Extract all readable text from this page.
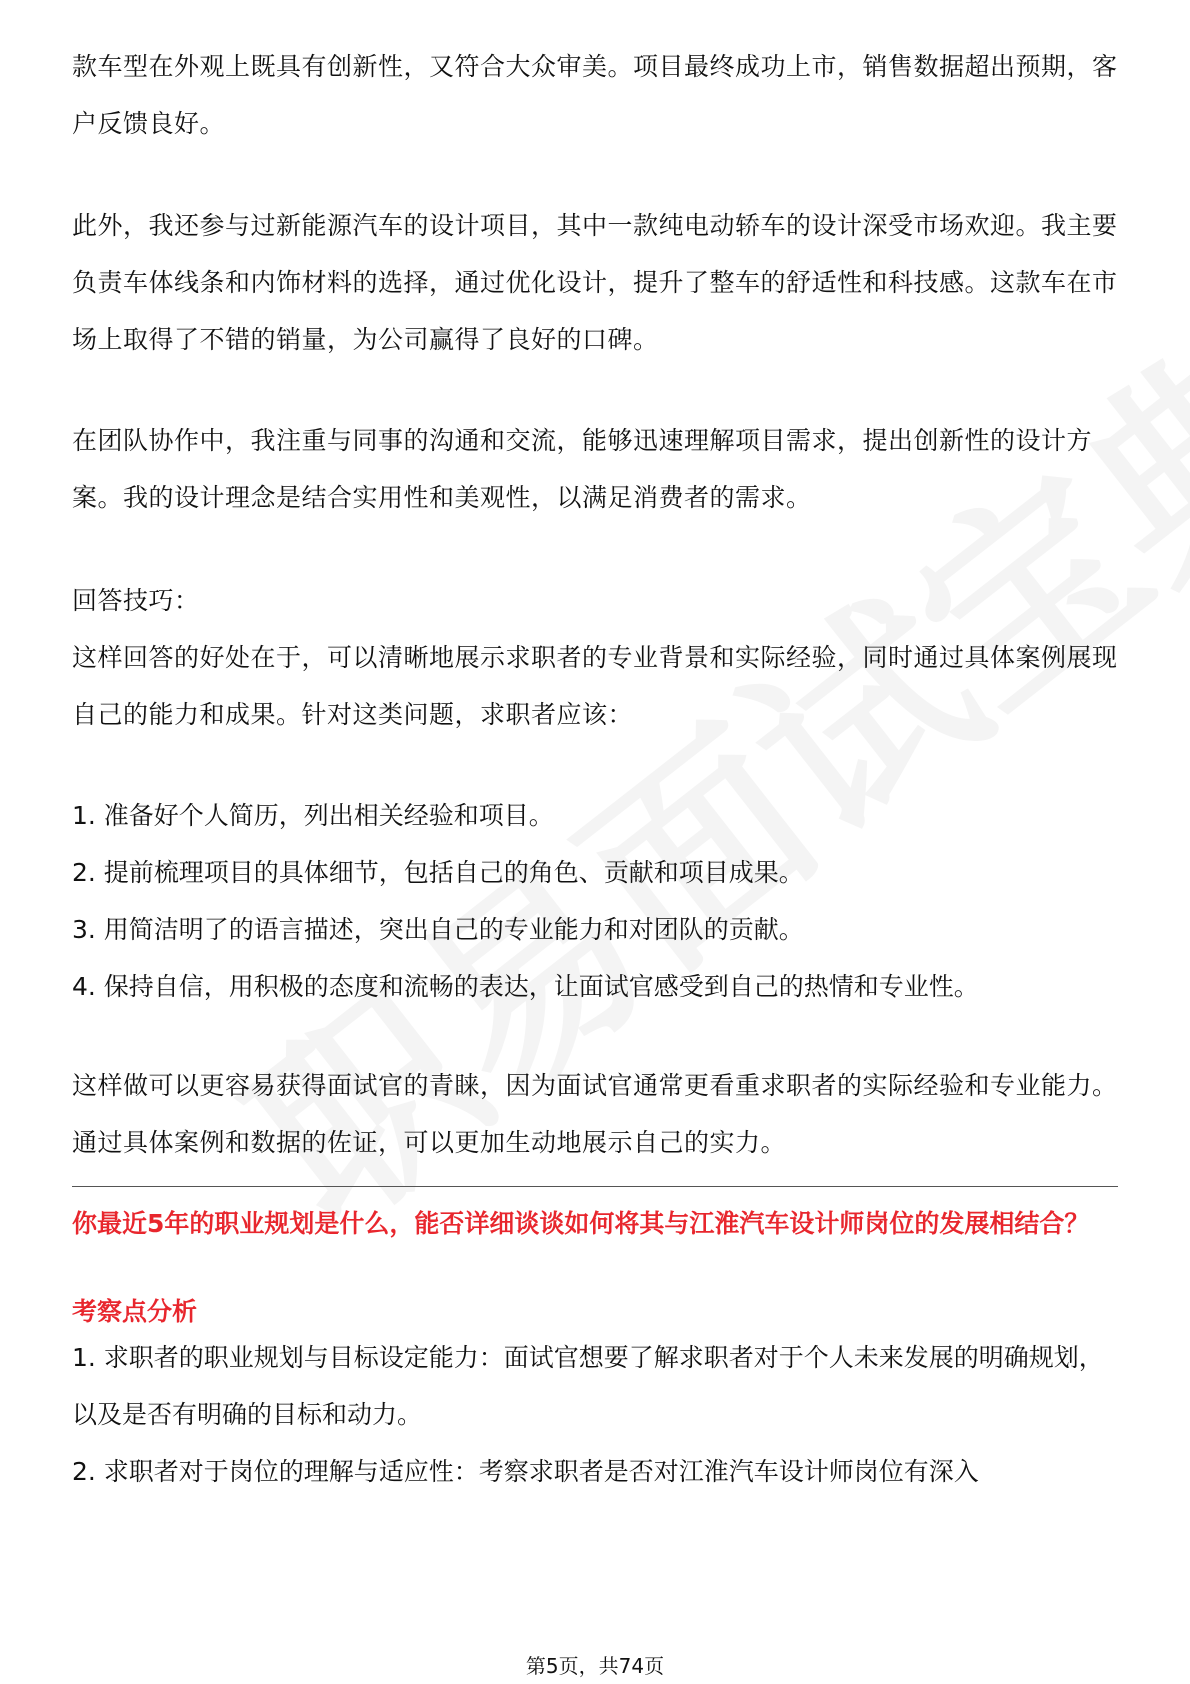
款车型在外观上既具有创新性，又符合大众审美。项目最终成功上市，销售数据超出预期，客户反馈良好。

此外，我还参与过新能源汽车的设计项目，其中一款纯电动轿车的设计深受市场欢迎。我主要负责车体线条和内饰材料的选择，通过优化设计，提升了整车的舒适性和科技感。这款车在市场上取得了不错的销量，为公司赢得了良好的口碑。

在团队协作中，我注重与同事的沟通和交流，能够迅速理解项目需求，提出创新性的设计方案。我的设计理念是结合实用性和美观性，以满足消费者的需求。

回答技巧：

这样回答的好处在于，可以清晰地展示求职者的专业背景和实际经验，同时通过具体案例展现自己的能力和成果。针对这类问题，求职者应该：

1. 准备好个人简历，列出相关经验和项目。

2. 提前梳理项目的具体细节，包括自己的角色、贡献和项目成果。

3. 用简洁明了的语言描述，突出自己的专业能力和对团队的贡献。

4. 保持自信，用积极的态度和流畅的表达，让面试官感受到自己的热情和专业性。

这样做可以更容易获得面试官的青睐，因为面试官通常更看重求职者的实际经验和专业能力。通过具体案例和数据的佐证，可以更加生动地展示自己的实力。

你最近5年的职业规划是什么，能否详细谈谈如何将其与江淮汽车设计师岗位的发展相结合？

考察点分析

1. 求职者的职业规划与目标设定能力：面试官想要了解求职者对于个人未来发展的明确规划，以及是否有明确的目标和动力。

2. 求职者对于岗位的理解与适应性：考察求职者是否对江淮汽车设计师岗位有深入

第5页，共74页
